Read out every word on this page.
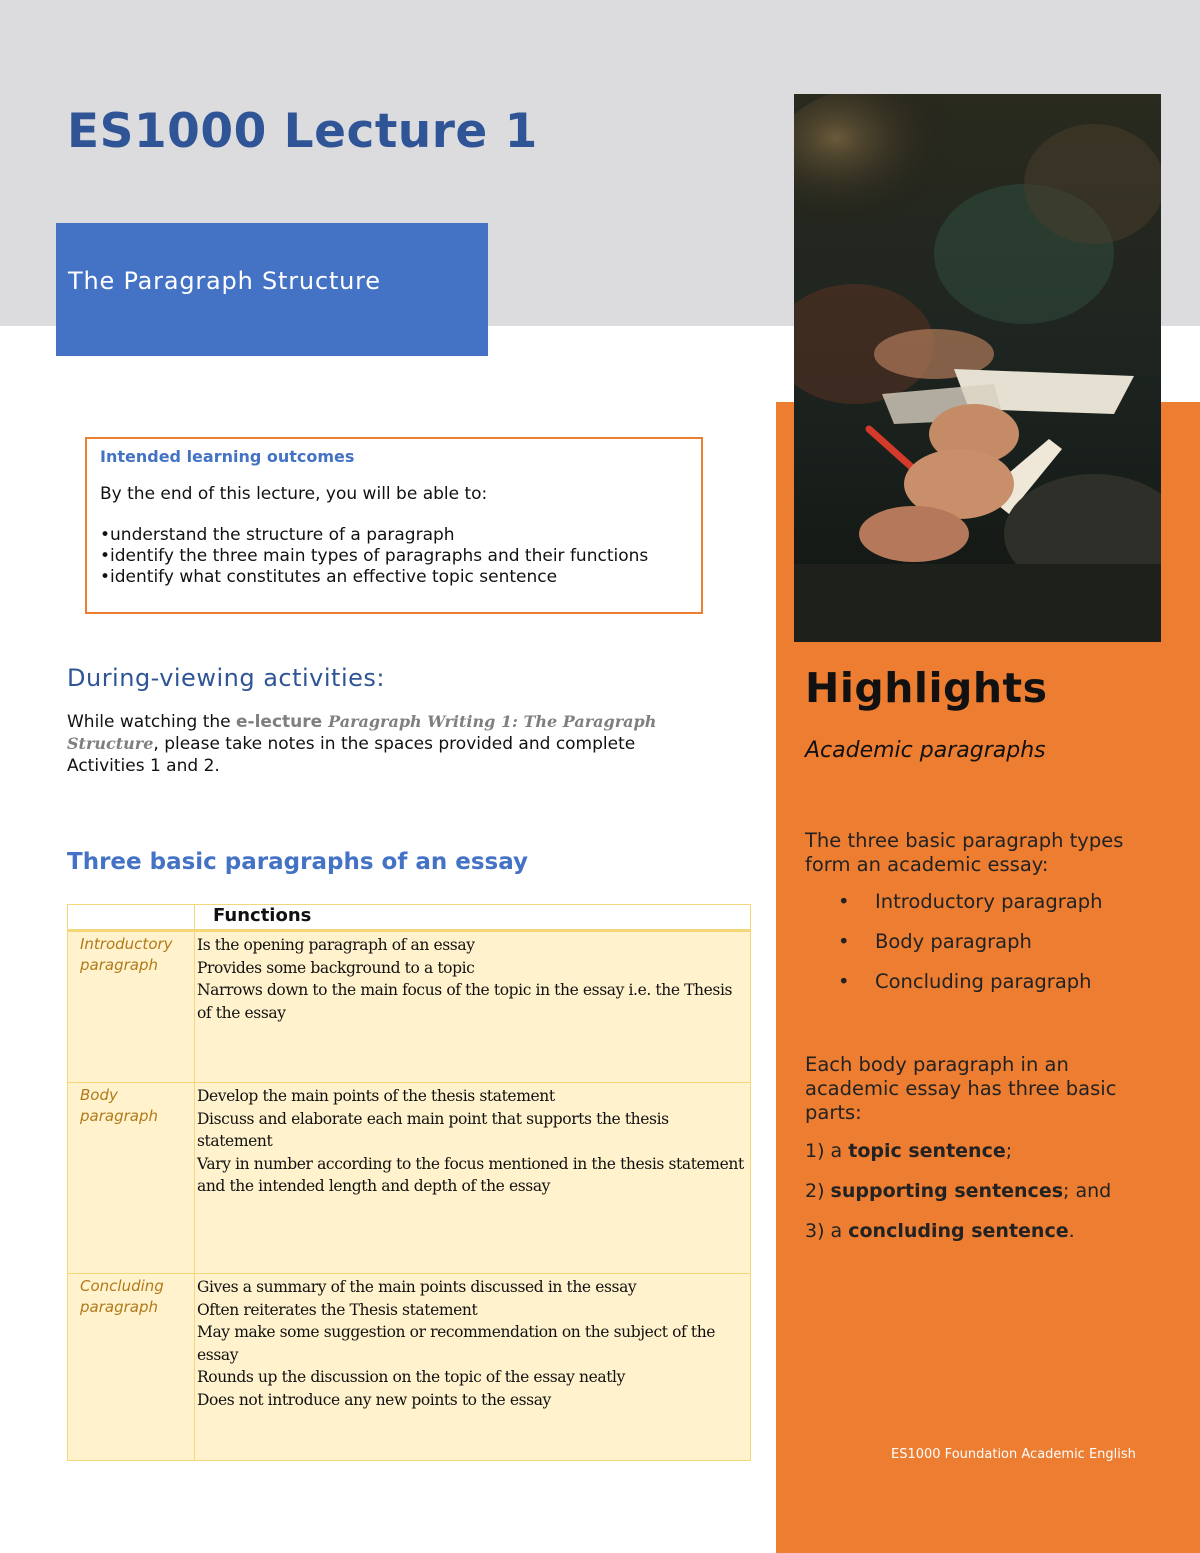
ES1000 Lecture 1
The Paragraph Structure
Intended learning outcomes
By the end of this lecture, you will be able to:
•understand the structure of a paragraph
•identify the three main types of paragraphs and their functions
•identify what constitutes an effective topic sentence
During-viewing activities:

While watching the e-lecture Paragraph Writing 1: The Paragraph Structure, please take notes in the spaces provided and complete Activities 1 and 2.

Three basic paragraphs of an essay

	Functions

Introductory paragraph	Is the opening paragraph of an essay
Provides some background to a topic
Narrows down to the main focus of the topic in the essay i.e. the Thesis of the essay

Body paragraph	Develop the main points of the thesis statement
Discuss and elaborate each main point that supports the thesis statement
Vary in number according to the focus mentioned in the thesis statement and the intended length and depth of the essay

Concluding paragraph	Gives a summary of the main points discussed in the essay
Often reiterates the Thesis statement
May make some suggestion or recommendation on the subject of the essay
Rounds up the discussion on the topic of the essay neatly
Does not introduce any new points to the essay
Highlights

Academic paragraphs

The three basic paragraph types form an academic essay:

• Introductory paragraph
• Body paragraph
• Concluding paragraph

Each body paragraph in an academic essay has three basic parts:

1) a topic sentence;
2) supporting sentences; and
3) a concluding sentence.
ES1000 Foundation Academic English
